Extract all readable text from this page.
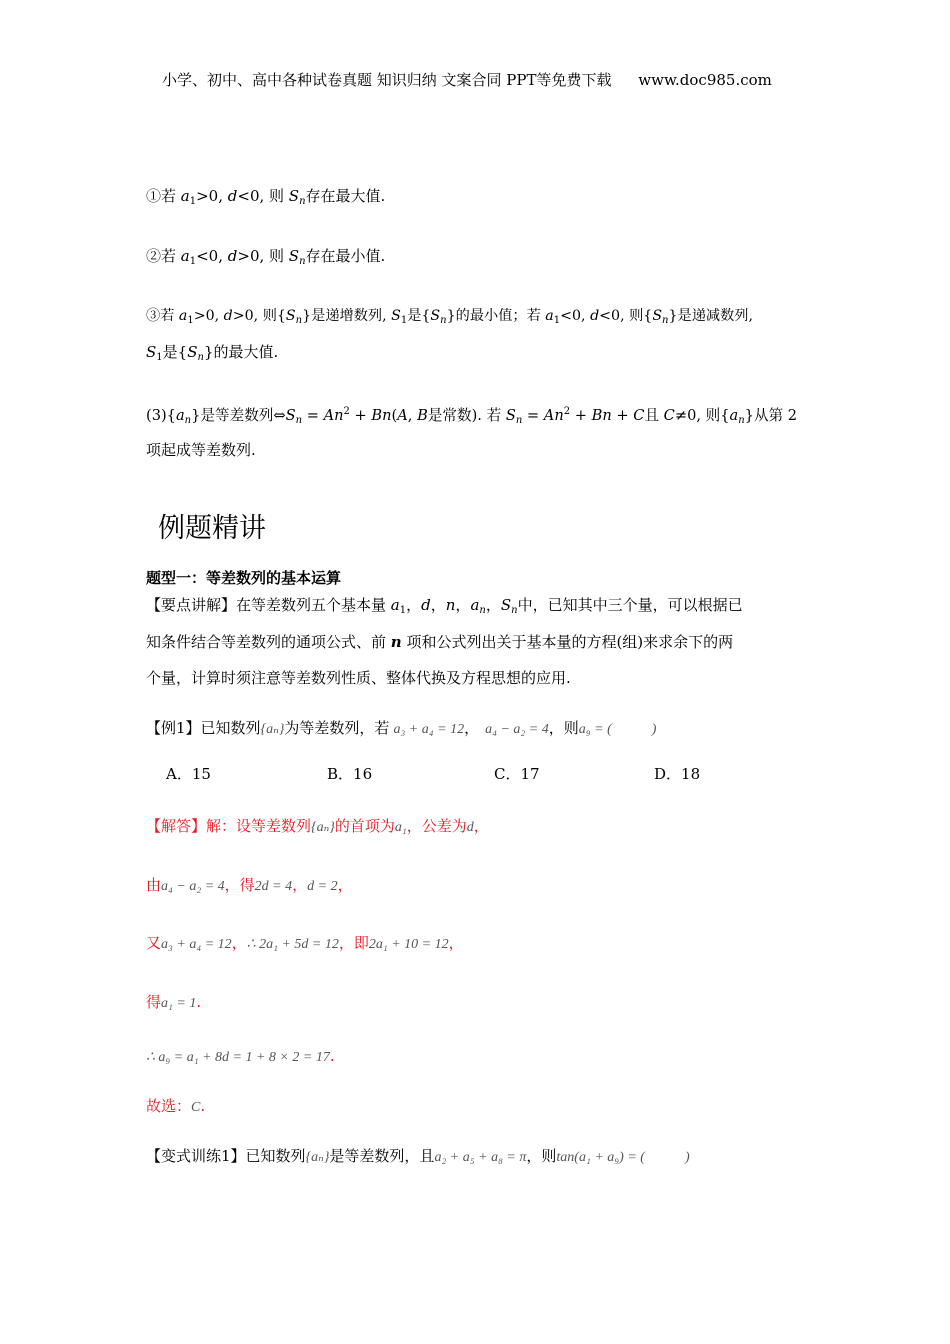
小学、初中、高中各种试卷真题 知识归纳 文案合同 PPT等免费下载 www.doc985.com
①若 $a_1>0$, d<0, 则 $S_n$存在最大值.
②若 $a_1<0$, d>0, 则 $S_n$存在最小值.
③若 $a_1>0$, d>0, 则$\{S_n\}$是递增数列, $S_1$是$\{S_n\}$的最小值；若 $a_1<0$, d<0, 则$\{S_n\}$是递减数列,
$S_1$是$\{S_n\}$的最大值.
$(3)\{a_n\}$是等差数列$\Leftrightarrow S_n = An^2 + Bn(A$, B是常数). 若 $S_n = An^2 + Bn + C$且 C≠0, 则$\{a_n\}$从第 2
项起成等差数列.
例题精讲
题型一：等差数列的基本运算
【要点讲解】在等差数列五个基本量 $a_1$，d，n，$a_n$，$S_n$中，已知其中三个量，可以根据已
知条件结合等差数列的通项公式、前 n 项和公式列出关于基本量的方程(组)来求余下的两
个量，计算时须注意等差数列性质、整体代换及方程思想的应用.
【例1】已知数列{aₙ}为等差数列，若 a₃ + a₄ = 12， a₄ − a₂ = 4，则a₉ = (	)
A．15	B．16	C．17	D．18
【解答】解：设等差数列{aₙ}的首项为a₁，公差为d，
由a₄ − a₂ = 4，得2d = 4，d = 2，
又a₃ + a₄ = 12，∴ 2a₁ + 5d = 12，即2a₁ + 10 = 12，
得a₁ = 1.
∴ a₉ = a₁ + 8d = 1 + 8 × 2 = 17.
故选：C.
【变式训练1】已知数列{aₙ}是等差数列，且a₂ + a₅ + a₈ = π，则tan(a₁ + a₉) = (	)
